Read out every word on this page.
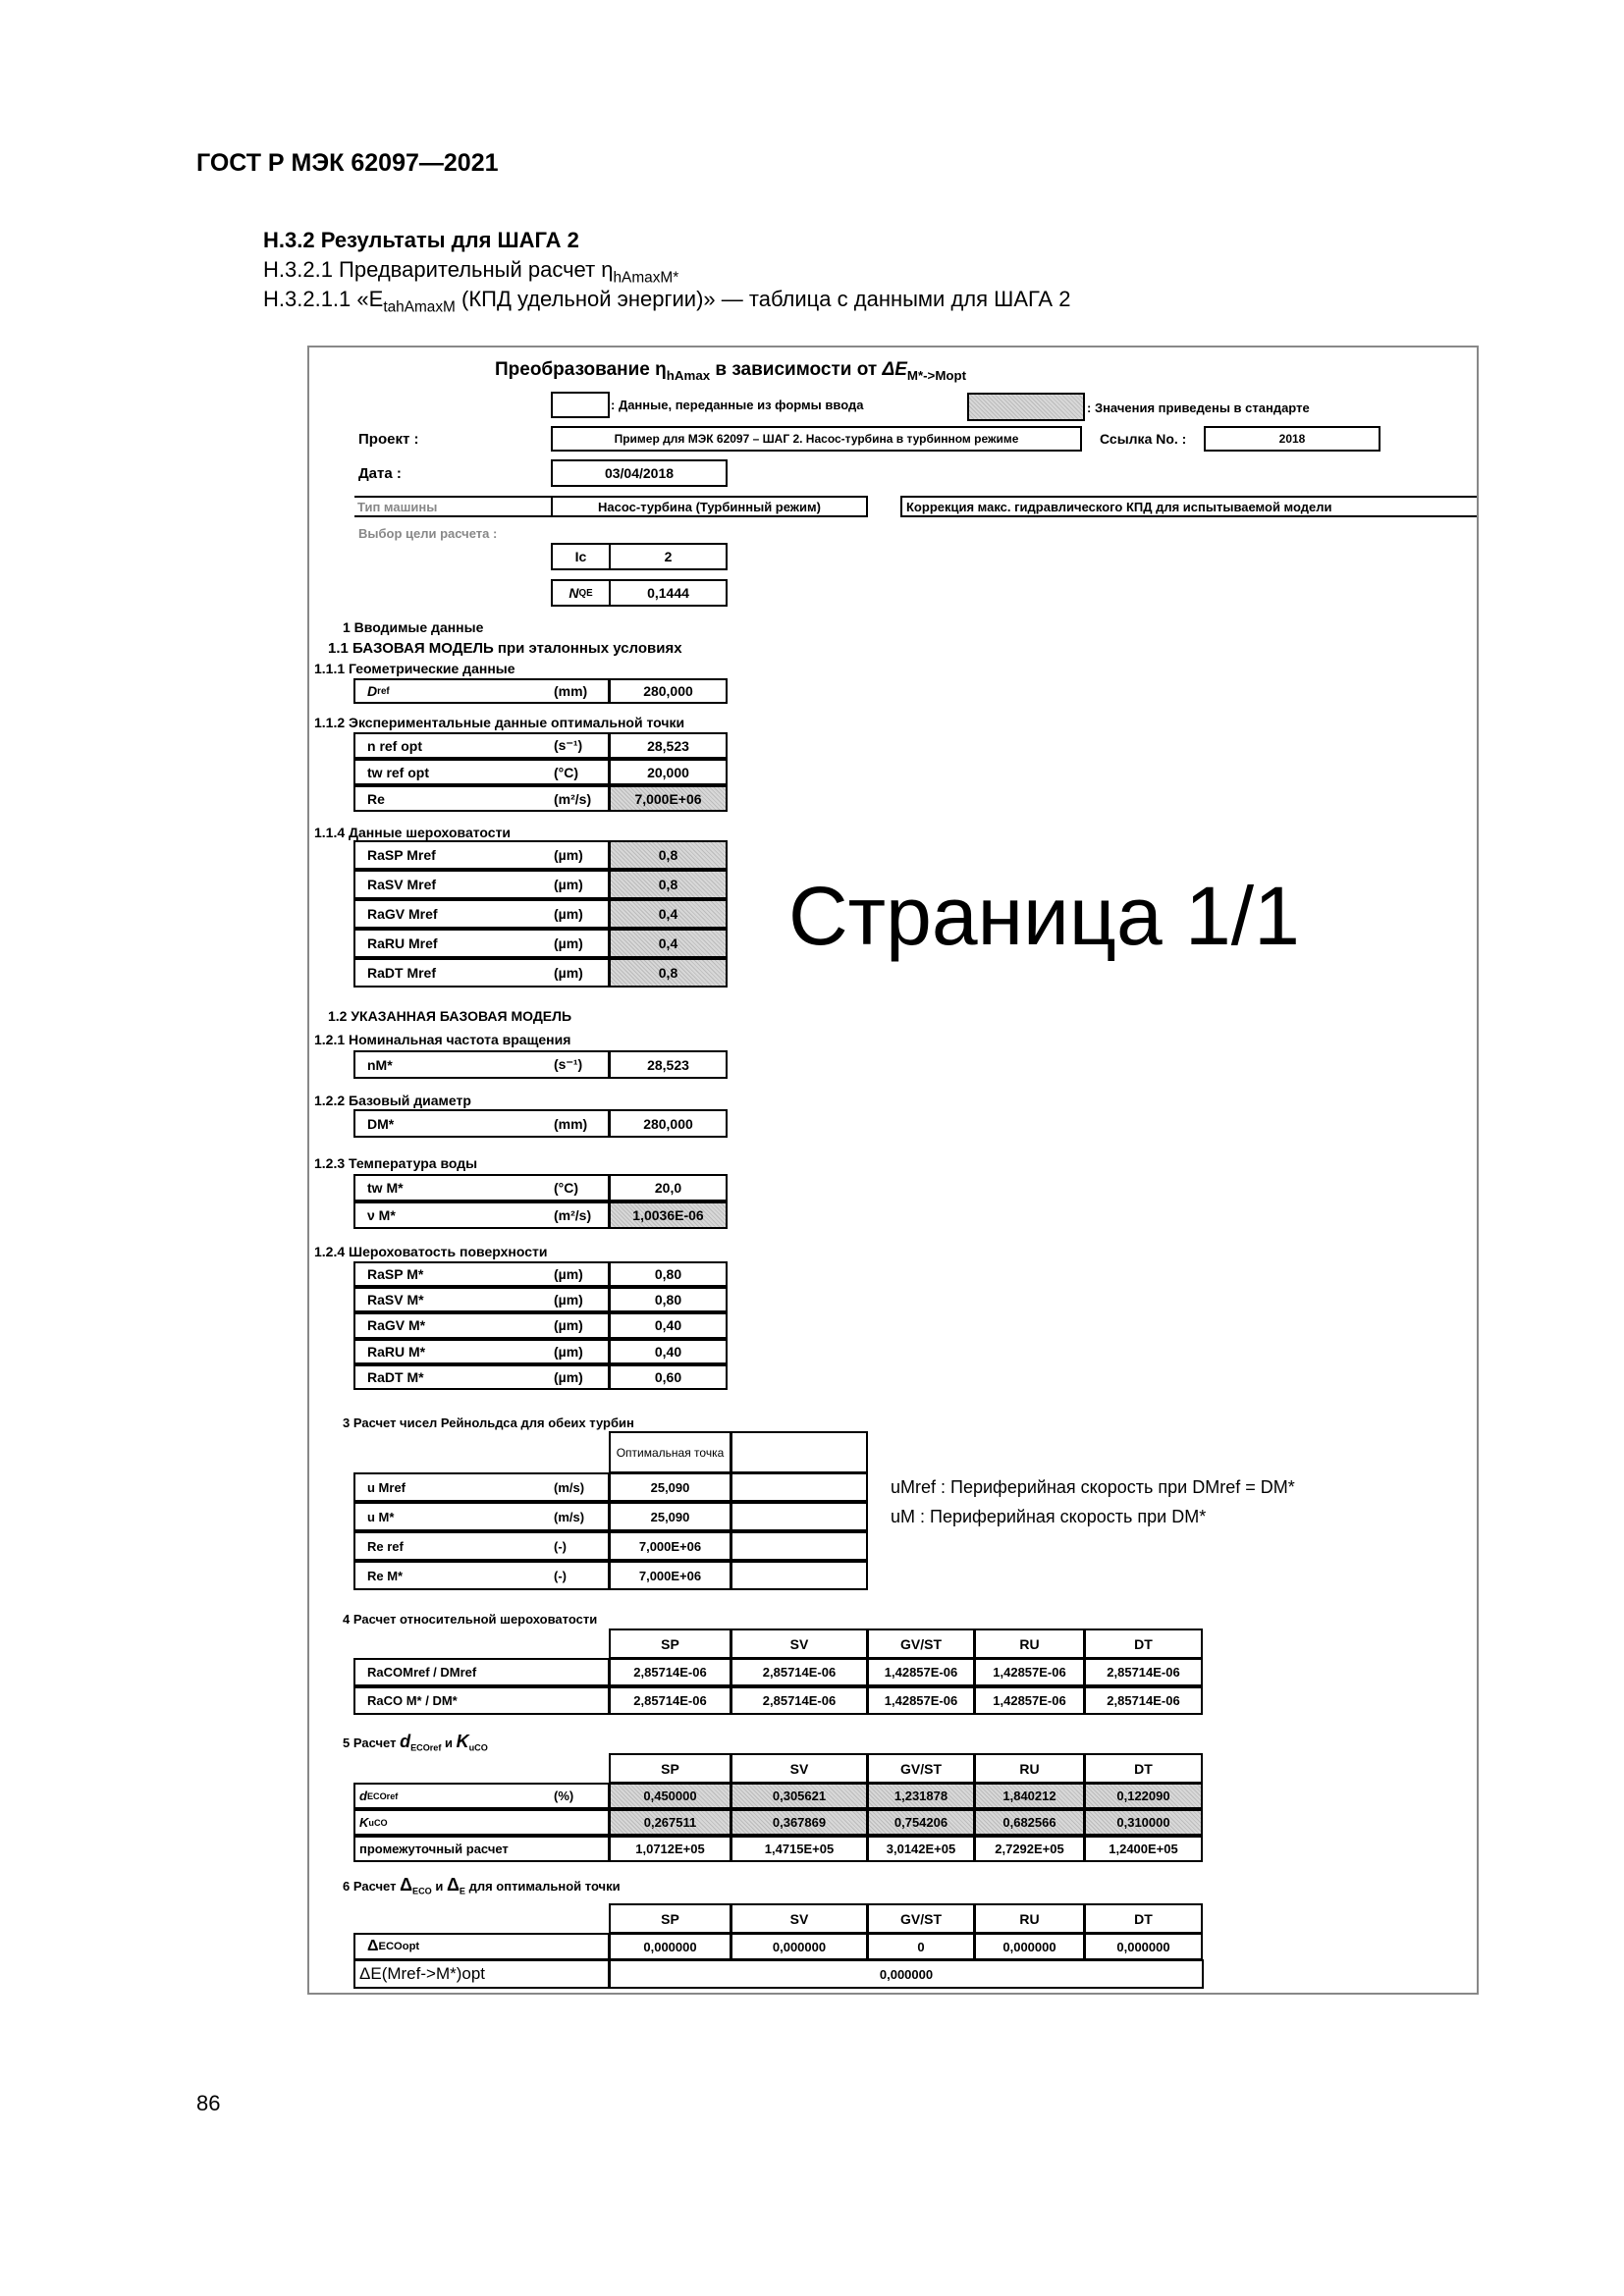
ГОСТ Р МЭК 62097—2021
Н.3.2 Результаты для ШАГА 2
Н.3.2.1 Предварительный расчет $\eta_{hAmaxM*}$
Н.3.2.1.1 «$E_{tahAmaxM}$ (КПД удельной энергии)» — таблица с данными для ШАГА 2
Преобразование $\eta_{hAmax}$ в зависимости от $\Delta E_{M*->Mopt}$
: Данные, переданные из формы ввода	: Значения приведены в стандарте
Проект :	Пример для МЭК 62097 – ШАГ 2. Насос-турбина в турбинном режиме	Ссылка No. :	2018
Дата :	03/04/2018
Тип машины	Насос-турбина (Турбинный режим)	Коррекция макс. гидравлического КПД для испытываемой модели
Выбор цели расчета :
Ic	2
N QE	0,1444
Страница 1/1
1 Вводимые данные
1.1 БАЗОВАЯ МОДЕЛЬ при эталонных условиях
1.1.1 Геометрические данные
1.1.2 Экспериментальные данные оптимальной точки
1.1.4 Данные шероховатости
1.2 УКАЗАННАЯ БАЗОВАЯ МОДЕЛЬ
1.2.1 Номинальная частота вращения
1.2.2 Базовый диаметр
1.2.3 Температура воды
1.2.4 Шероховатость поверхности
3 Расчет чисел Рейнольдса для обеих турбин
4 Расчет относительной шероховатости
5 Расчет $d_{ECOref}$ и $K_{uCO}$
6 Расчет $\Delta_{ECO}$ и $\Delta_E$ для оптимальной точки
uMref : Периферийная скорость при DMref = DM*
uM : Периферийная скорость при DM*
D ref	(mm)	280,000
n ref opt	(s⁻¹)	28,523
tw ref opt	(°C)	20,000
Re	(m²/s)	7,000E+06
RaSP Mref	(µm)	0,8
RaSV Mref	(µm)	0,8
RaGV Mref	(µm)	0,4
RaRU Mref	(µm)	0,4
RaDT Mref	(µm)	0,8
nM*	(s⁻¹)	28,523
DM*	(mm)	280,000
tw M*	(°C)	20,0
ν M*	(m²/s)	1,0036E-06
RaSP M*	(µm)	0,80
RaSV M*	(µm)	0,80
RaGV M*	(µm)	0,40
RaRU M*	(µm)	0,40
RaDT M*	(µm)	0,60
Оптимальная точка
u Mref	(m/s)	25,090
u M*	(m/s)	25,090
Re ref	(-)	7,000E+06
Re M*	(-)	7,000E+06
SP	SV	GV/ST	RU	DT
RaCOMref / DMref	2,85714E-06	2,85714E-06	1,42857E-06	1,42857E-06	2,85714E-06
RaCO M* / DM*	2,85714E-06	2,85714E-06	1,42857E-06	1,42857E-06	2,85714E-06
SP	SV	GV/ST	RU	DT
d ECOref	(%)	0,450000	0,305621	1,231878	1,840212	0,122090
K uCO	0,267511	0,367869	0,754206	0,682566	0,310000
промежуточный расчет	1,0712E+05	1,4715E+05	3,0142E+05	2,7292E+05	1,2400E+05
SP	SV	GV/ST	RU	DT
Δ ECOopt	0,000000	0,000000	0	0,000000	0,000000
ΔE(Mref->M*)opt	0,000000
86
